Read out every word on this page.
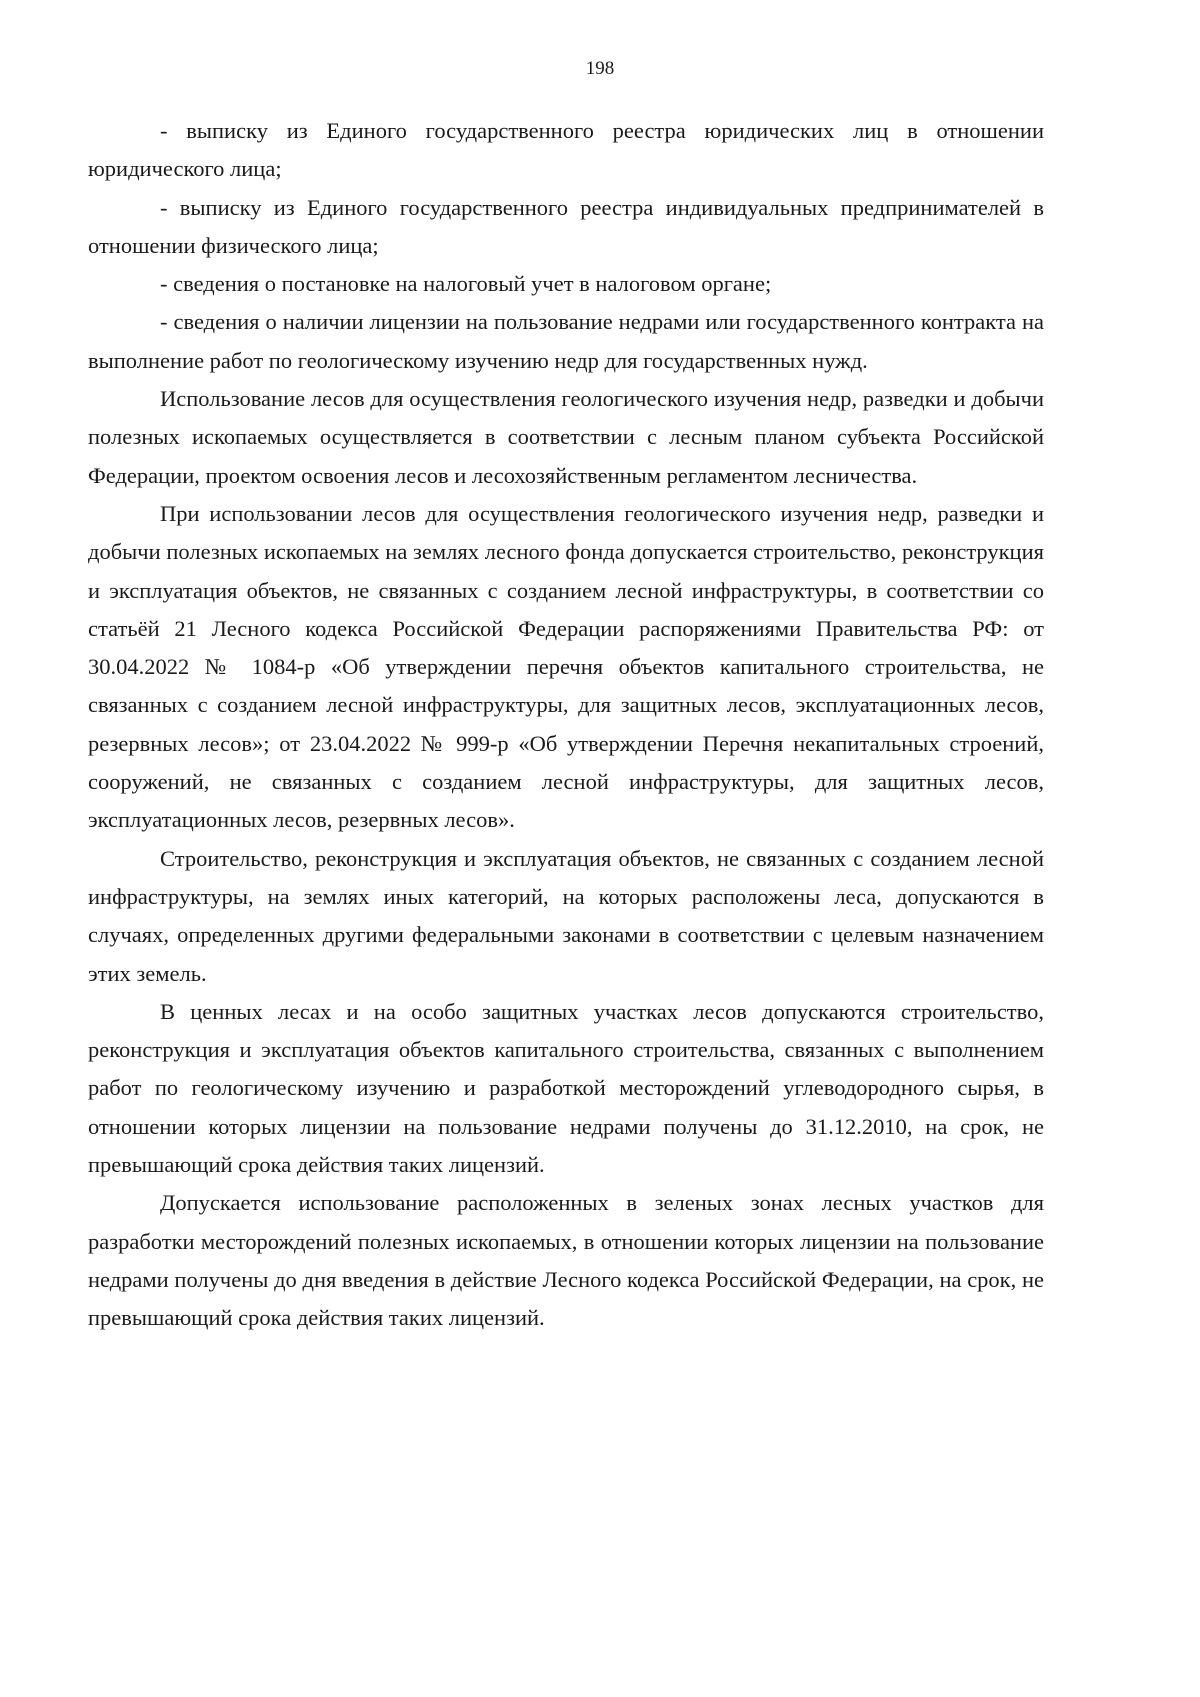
198

- выписку из Единого государственного реестра юридических лиц в отношении юридического лица;

- выписку из Единого государственного реестра индивидуальных предпринимателей в отношении физического лица;

- сведения о постановке на налоговый учет в налоговом органе;

- сведения о наличии лицензии на пользование недрами или государственного контракта на выполнение работ по геологическому изучению недр для государственных нужд.

Использование лесов для осуществления геологического изучения недр, разведки и добычи полезных ископаемых осуществляется в соответствии с лесным планом субъекта Российской Федерации, проектом освоения лесов и лесохозяйственным регламентом лесничества.

При использовании лесов для осуществления геологического изучения недр, разведки и добычи полезных ископаемых на землях лесного фонда допускается строительство, реконструкция и эксплуатация объектов, не связанных с созданием лесной инфраструктуры, в соответствии со статьёй 21 Лесного кодекса Российской Федерации распоряжениями Правительства РФ: от 30.04.2022 № 1084-р «Об утверждении перечня объектов капитального строительства, не связанных с созданием лесной инфраструктуры, для защитных лесов, эксплуатационных лесов, резервных лесов»; от 23.04.2022 № 999-р «Об утверждении Перечня некапитальных строений, сооружений, не связанных с созданием лесной инфраструктуры, для защитных лесов, эксплуатационных лесов, резервных лесов».

Строительство, реконструкция и эксплуатация объектов, не связанных с созданием лесной инфраструктуры, на землях иных категорий, на которых расположены леса, допускаются в случаях, определенных другими федеральными законами в соответствии с целевым назначением этих земель.

В ценных лесах и на особо защитных участках лесов допускаются строительство, реконструкция и эксплуатация объектов капитального строительства, связанных с выполнением работ по геологическому изучению и разработкой месторождений углеводородного сырья, в отношении которых лицензии на пользование недрами получены до 31.12.2010, на срок, не превышающий срока действия таких лицензий.

Допускается использование расположенных в зеленых зонах лесных участков для разработки месторождений полезных ископаемых, в отношении которых лицензии на пользование недрами получены до дня введения в действие Лесного кодекса Российской Федерации, на срок, не превышающий срока действия таких лицензий.
